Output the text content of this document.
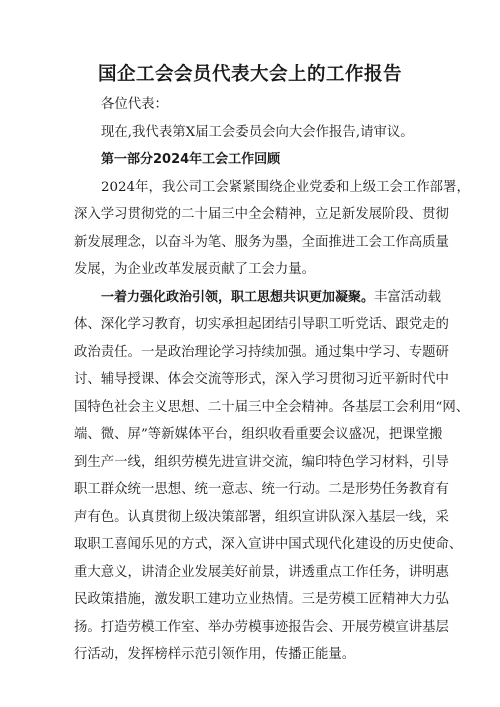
国企工会会员代表大会上的工作报告
各位代表：
现在,我代表第X届工会委员会向大会作报告,请审议。
第一部分2024年工会工作回顾
2024年，我公司工会紧紧围绕企业党委和上级工会工作部署，
深入学习贯彻党的二十届三中全会精神，立足新发展阶段、贯彻
新发展理念，以奋斗为笔、服务为墨，全面推进工会工作高质量
发展，为企业改革发展贡献了工会力量。
一着力强化政治引领，职工思想共识更加凝聚。丰富活动载
体、深化学习教育，切实承担起团结引导职工听党话、跟党走的
政治责任。一是政治理论学习持续加强。通过集中学习、专题研
讨、辅导授课、体会交流等形式，深入学习贯彻习近平新时代中
国特色社会主义思想、二十届三中全会精神。各基层工会利用“网、
端、微、屏”等新媒体平台，组织收看重要会议盛况，把课堂搬
到生产一线，组织劳模先进宣讲交流，编印特色学习材料，引导
职工群众统一思想、统一意志、统一行动。二是形势任务教育有
声有色。认真贯彻上级决策部署，组织宣讲队深入基层一线，采
取职工喜闻乐见的方式，深入宣讲中国式现代化建设的历史使命、
重大意义，讲清企业发展美好前景，讲透重点工作任务，讲明惠
民政策措施，激发职工建功立业热情。三是劳模工匠精神大力弘
扬。打造劳模工作室、举办劳模事迹报告会、开展劳模宣讲基层
行活动，发挥榜样示范引领作用，传播正能量。
